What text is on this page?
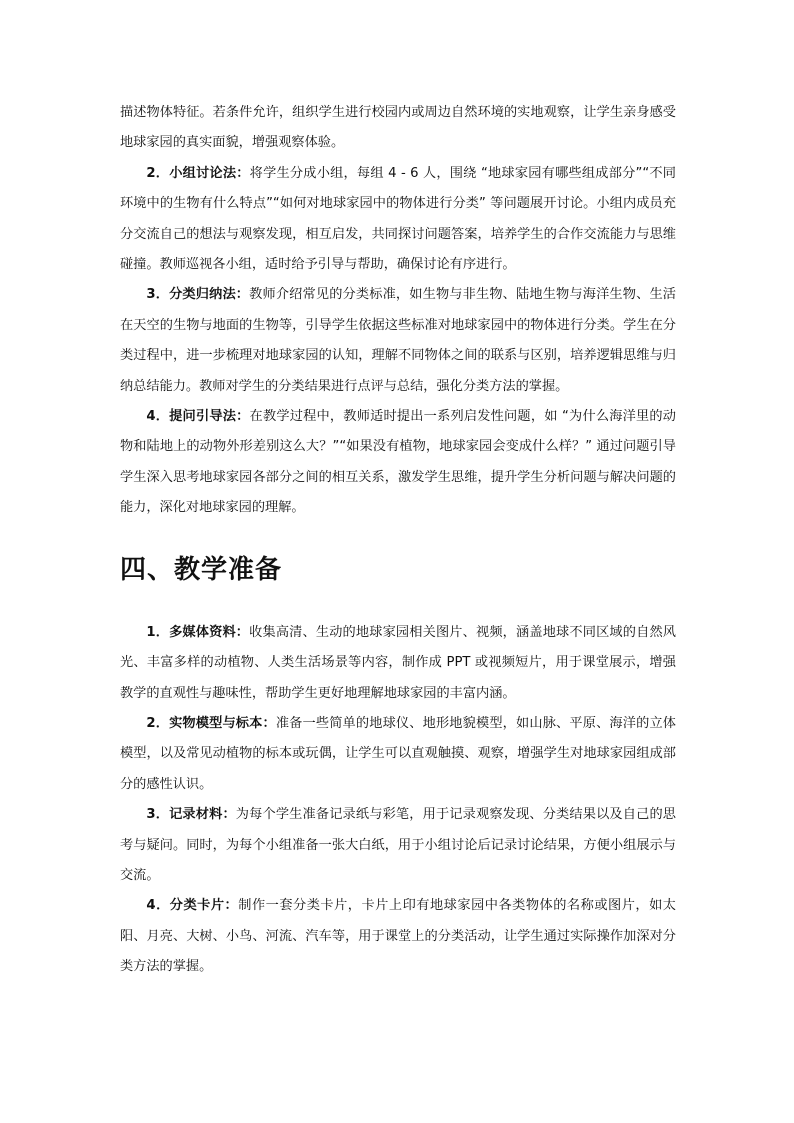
描述物体特征。若条件允许，组织学生进行校园内或周边自然环境的实地观察，让学生亲身感受地球家园的真实面貌，增强观察体验。

2．小组讨论法：将学生分成小组，每组 4 - 6 人，围绕 “地球家园有哪些组成部分”“不同环境中的生物有什么特点”“如何对地球家园中的物体进行分类” 等问题展开讨论。小组内成员充分交流自己的想法与观察发现，相互启发，共同探讨问题答案，培养学生的合作交流能力与思维碰撞。教师巡视各小组，适时给予引导与帮助，确保讨论有序进行。

3．分类归纳法：教师介绍常见的分类标准，如生物与非生物、陆地生物与海洋生物、生活在天空的生物与地面的生物等，引导学生依据这些标准对地球家园中的物体进行分类。学生在分类过程中，进一步梳理对地球家园的认知，理解不同物体之间的联系与区别，培养逻辑思维与归纳总结能力。教师对学生的分类结果进行点评与总结，强化分类方法的掌握。

4．提问引导法：在教学过程中，教师适时提出一系列启发性问题，如 “为什么海洋里的动物和陆地上的动物外形差别这么大？”“如果没有植物，地球家园会变成什么样？” 通过问题引导学生深入思考地球家园各部分之间的相互关系，激发学生思维，提升学生分析问题与解决问题的能力，深化对地球家园的理解。

四、教学准备

1．多媒体资料：收集高清、生动的地球家园相关图片、视频，涵盖地球不同区域的自然风光、丰富多样的动植物、人类生活场景等内容，制作成 PPT 或视频短片，用于课堂展示，增强教学的直观性与趣味性，帮助学生更好地理解地球家园的丰富内涵。

2．实物模型与标本：准备一些简单的地球仪、地形地貌模型，如山脉、平原、海洋的立体模型，以及常见动植物的标本或玩偶，让学生可以直观触摸、观察，增强学生对地球家园组成部分的感性认识。

3．记录材料：为每个学生准备记录纸与彩笔，用于记录观察发现、分类结果以及自己的思考与疑问。同时，为每个小组准备一张大白纸，用于小组讨论后记录讨论结果，方便小组展示与交流。

4．分类卡片：制作一套分类卡片，卡片上印有地球家园中各类物体的名称或图片，如太阳、月亮、大树、小鸟、河流、汽车等，用于课堂上的分类活动，让学生通过实际操作加深对分类方法的掌握。
